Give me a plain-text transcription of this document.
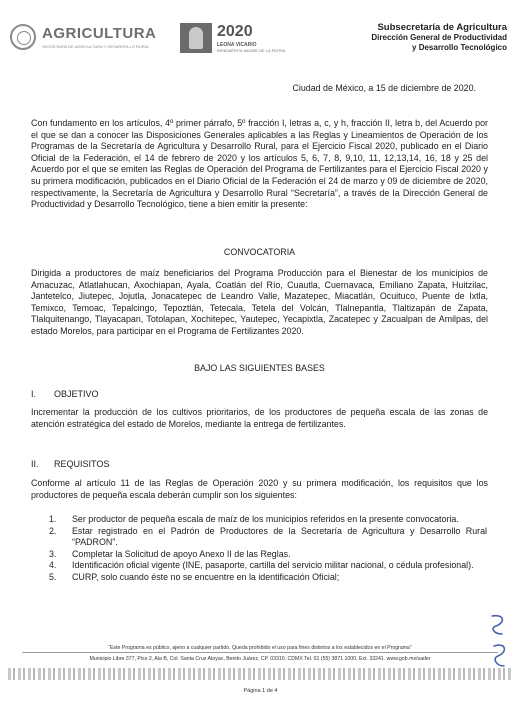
AGRICULTURA
SECRETARÍA DE AGRICULTURA Y DESARROLLO RURAL
2020
LEONA VICARIO
BENEMÉRITA MADRE DE LA PATRIA
Subsecretaría de Agricultura
Dirección General de Productividad
y Desarrollo Tecnológico
Ciudad de México, a 15 de diciembre de 2020.
Con fundamento en los artículos, 4º primer párrafo, 5º fracción I, letras a, c, y h, fracción II, letra b, del Acuerdo por el que se dan a conocer las Disposiciones Generales aplicables a las Reglas y Lineamientos de Operación de los Programas de la Secretaría de Agricultura y Desarrollo Rural, para el Ejercicio Fiscal 2020, publicado en el Diario Oficial de la Federación, el 14 de febrero de 2020 y los artículos 5, 6, 7, 8, 9,10, 11, 12,13,14, 16, 18 y 25 del Acuerdo por el que se emiten las Reglas de Operación del Programa de Fertilizantes para el Ejercicio Fiscal 2020 y su primera modificación, publicados en el Diario Oficial de la Federación el 24 de marzo y 09 de diciembre de 2020, respectivamente, la Secretaría de Agricultura y Desarrollo Rural “Secretaría”, a través de la Dirección General de Productividad y Desarrollo Tecnológico, tiene a bien emitir la presente:
CONVOCATORIA
Dirigida a productores de maíz beneficiarios del Programa Producción para el Bienestar de los municipios de Amacuzac, Atlatlahucan, Axochiapan, Ayala, Coatlán del Río, Cuautla, Cuernavaca, Emiliano Zapata, Huitzilac, Jantetelco, Jiutepec, Jojutla, Jonacatepec de Leandro Valle, Mazatepec, Miacatlán, Ocuituco, Puente de Ixtla, Temixco, Temoac, Tepalcingo, Tepoztlán, Tetecala, Tetela del Volcán, Tlalnepantla, Tlaltizapán de Zapata, Tlalquitenango, Tlayacapan, Totolapan, Xochitepec, Yautepec, Yecapixtla, Zacatepec y Zacualpan de Amilpas, del estado Morelos, para participar en el Programa de Fertilizantes 2020.
BAJO LAS SIGUIENTES BASES
I. OBJETIVO
Incrementar la producción de los cultivos prioritarios, de los productores de pequeña escala de las zonas de atención estratégica del estado de Morelos, mediante la entrega de fertilizantes.
II. REQUISITOS
Conforme al artículo 11 de las Reglas de Operación 2020 y su primera modificación, los requisitos que los productores de pequeña escala deberán cumplir son los siguientes:
1. Ser productor de pequeña escala de maíz de los municipios referidos en la presente convocatoria.
2. Estar registrado en el Padrón de Productores de la Secretaría de Agricultura y Desarrollo Rural “PADRON”.
3. Completar la Solicitud de apoyo Anexo II de las Reglas.
4. Identificación oficial vigente (INE, pasaporte, cartilla del servicio militar nacional, o cédula profesional).
5. CURP, solo cuando éste no se encuentre en la identificación Oficial;
“Este Programa es público, ajeno a cualquier partido. Queda prohibido el uso para fines distintos a los establecidos en el Programa”
Municipio Libre 377, Piso 2, Ala B, Col. Santa Cruz Atoyac, Benito Juárez, CP. 03310. CDMX Tel. 01 (55) 3871 1000, Ext. 33241. www.gob.mx/sader
Página 1 de 4
